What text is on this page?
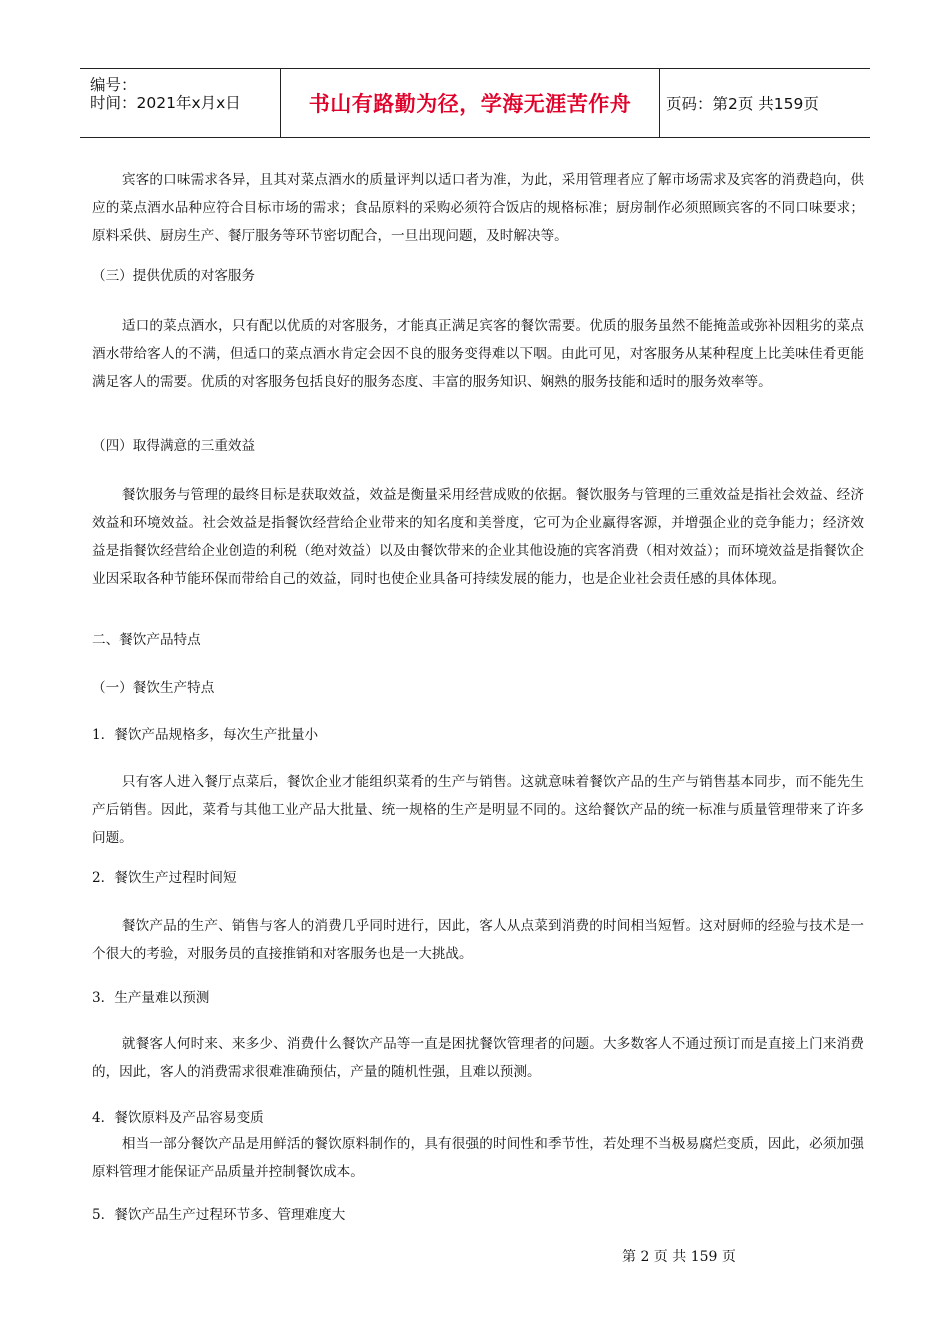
编号：
时间：2021年x月x日	书山有路勤为径，学海无涯苦作舟	页码：第2页 共159页

宾客的口味需求各异，且其对菜点酒水的质量评判以适口者为准，为此，采用管理者应了解市场需求及宾客的消费趋向，供应的菜点酒水品种应符合目标市场的需求；食品原料的采购必须符合饭店的规格标准；厨房制作必须照顾宾客的不同口味要求；原料采供、厨房生产、餐厅服务等环节密切配合，一旦出现问题，及时解决等。

（三）提供优质的对客服务

适口的菜点酒水，只有配以优质的对客服务，才能真正满足宾客的餐饮需要。优质的服务虽然不能掩盖或弥补因粗劣的菜点酒水带给客人的不满，但适口的菜点酒水肯定会因不良的服务变得难以下咽。由此可见，对客服务从某种程度上比美味佳肴更能满足客人的需要。优质的对客服务包括良好的服务态度、丰富的服务知识、娴熟的服务技能和适时的服务效率等。

（四）取得满意的三重效益

餐饮服务与管理的最终目标是获取效益，效益是衡量采用经营成败的依据。餐饮服务与管理的三重效益是指社会效益、经济效益和环境效益。社会效益是指餐饮经营给企业带来的知名度和美誉度，它可为企业赢得客源，并增强企业的竞争能力；经济效益是指餐饮经营给企业创造的利税（绝对效益）以及由餐饮带来的企业其他设施的宾客消费（相对效益）；而环境效益是指餐饮企业因采取各种节能环保而带给自己的效益，同时也使企业具备可持续发展的能力，也是企业社会责任感的具体体现。

二、餐饮产品特点

（一）餐饮生产特点

1．餐饮产品规格多，每次生产批量小

只有客人进入餐厅点菜后，餐饮企业才能组织菜肴的生产与销售。这就意味着餐饮产品的生产与销售基本同步，而不能先生产后销售。因此，菜肴与其他工业产品大批量、统一规格的生产是明显不同的。这给餐饮产品的统一标准与质量管理带来了许多问题。

2．餐饮生产过程时间短

餐饮产品的生产、销售与客人的消费几乎同时进行，因此，客人从点菜到消费的时间相当短暂。这对厨师的经验与技术是一个很大的考验，对服务员的直接推销和对客服务也是一大挑战。

3．生产量难以预测

就餐客人何时来、来多少、消费什么餐饮产品等一直是困扰餐饮管理者的问题。大多数客人不通过预订而是直接上门来消费的，因此，客人的消费需求很难准确预估，产量的随机性强，且难以预测。

4．餐饮原料及产品容易变质

相当一部分餐饮产品是用鲜活的餐饮原料制作的，具有很强的时间性和季节性，若处理不当极易腐烂变质，因此，必须加强原料管理才能保证产品质量并控制餐饮成本。

5．餐饮产品生产过程环节多、管理难度大

第 2 页 共 159 页
